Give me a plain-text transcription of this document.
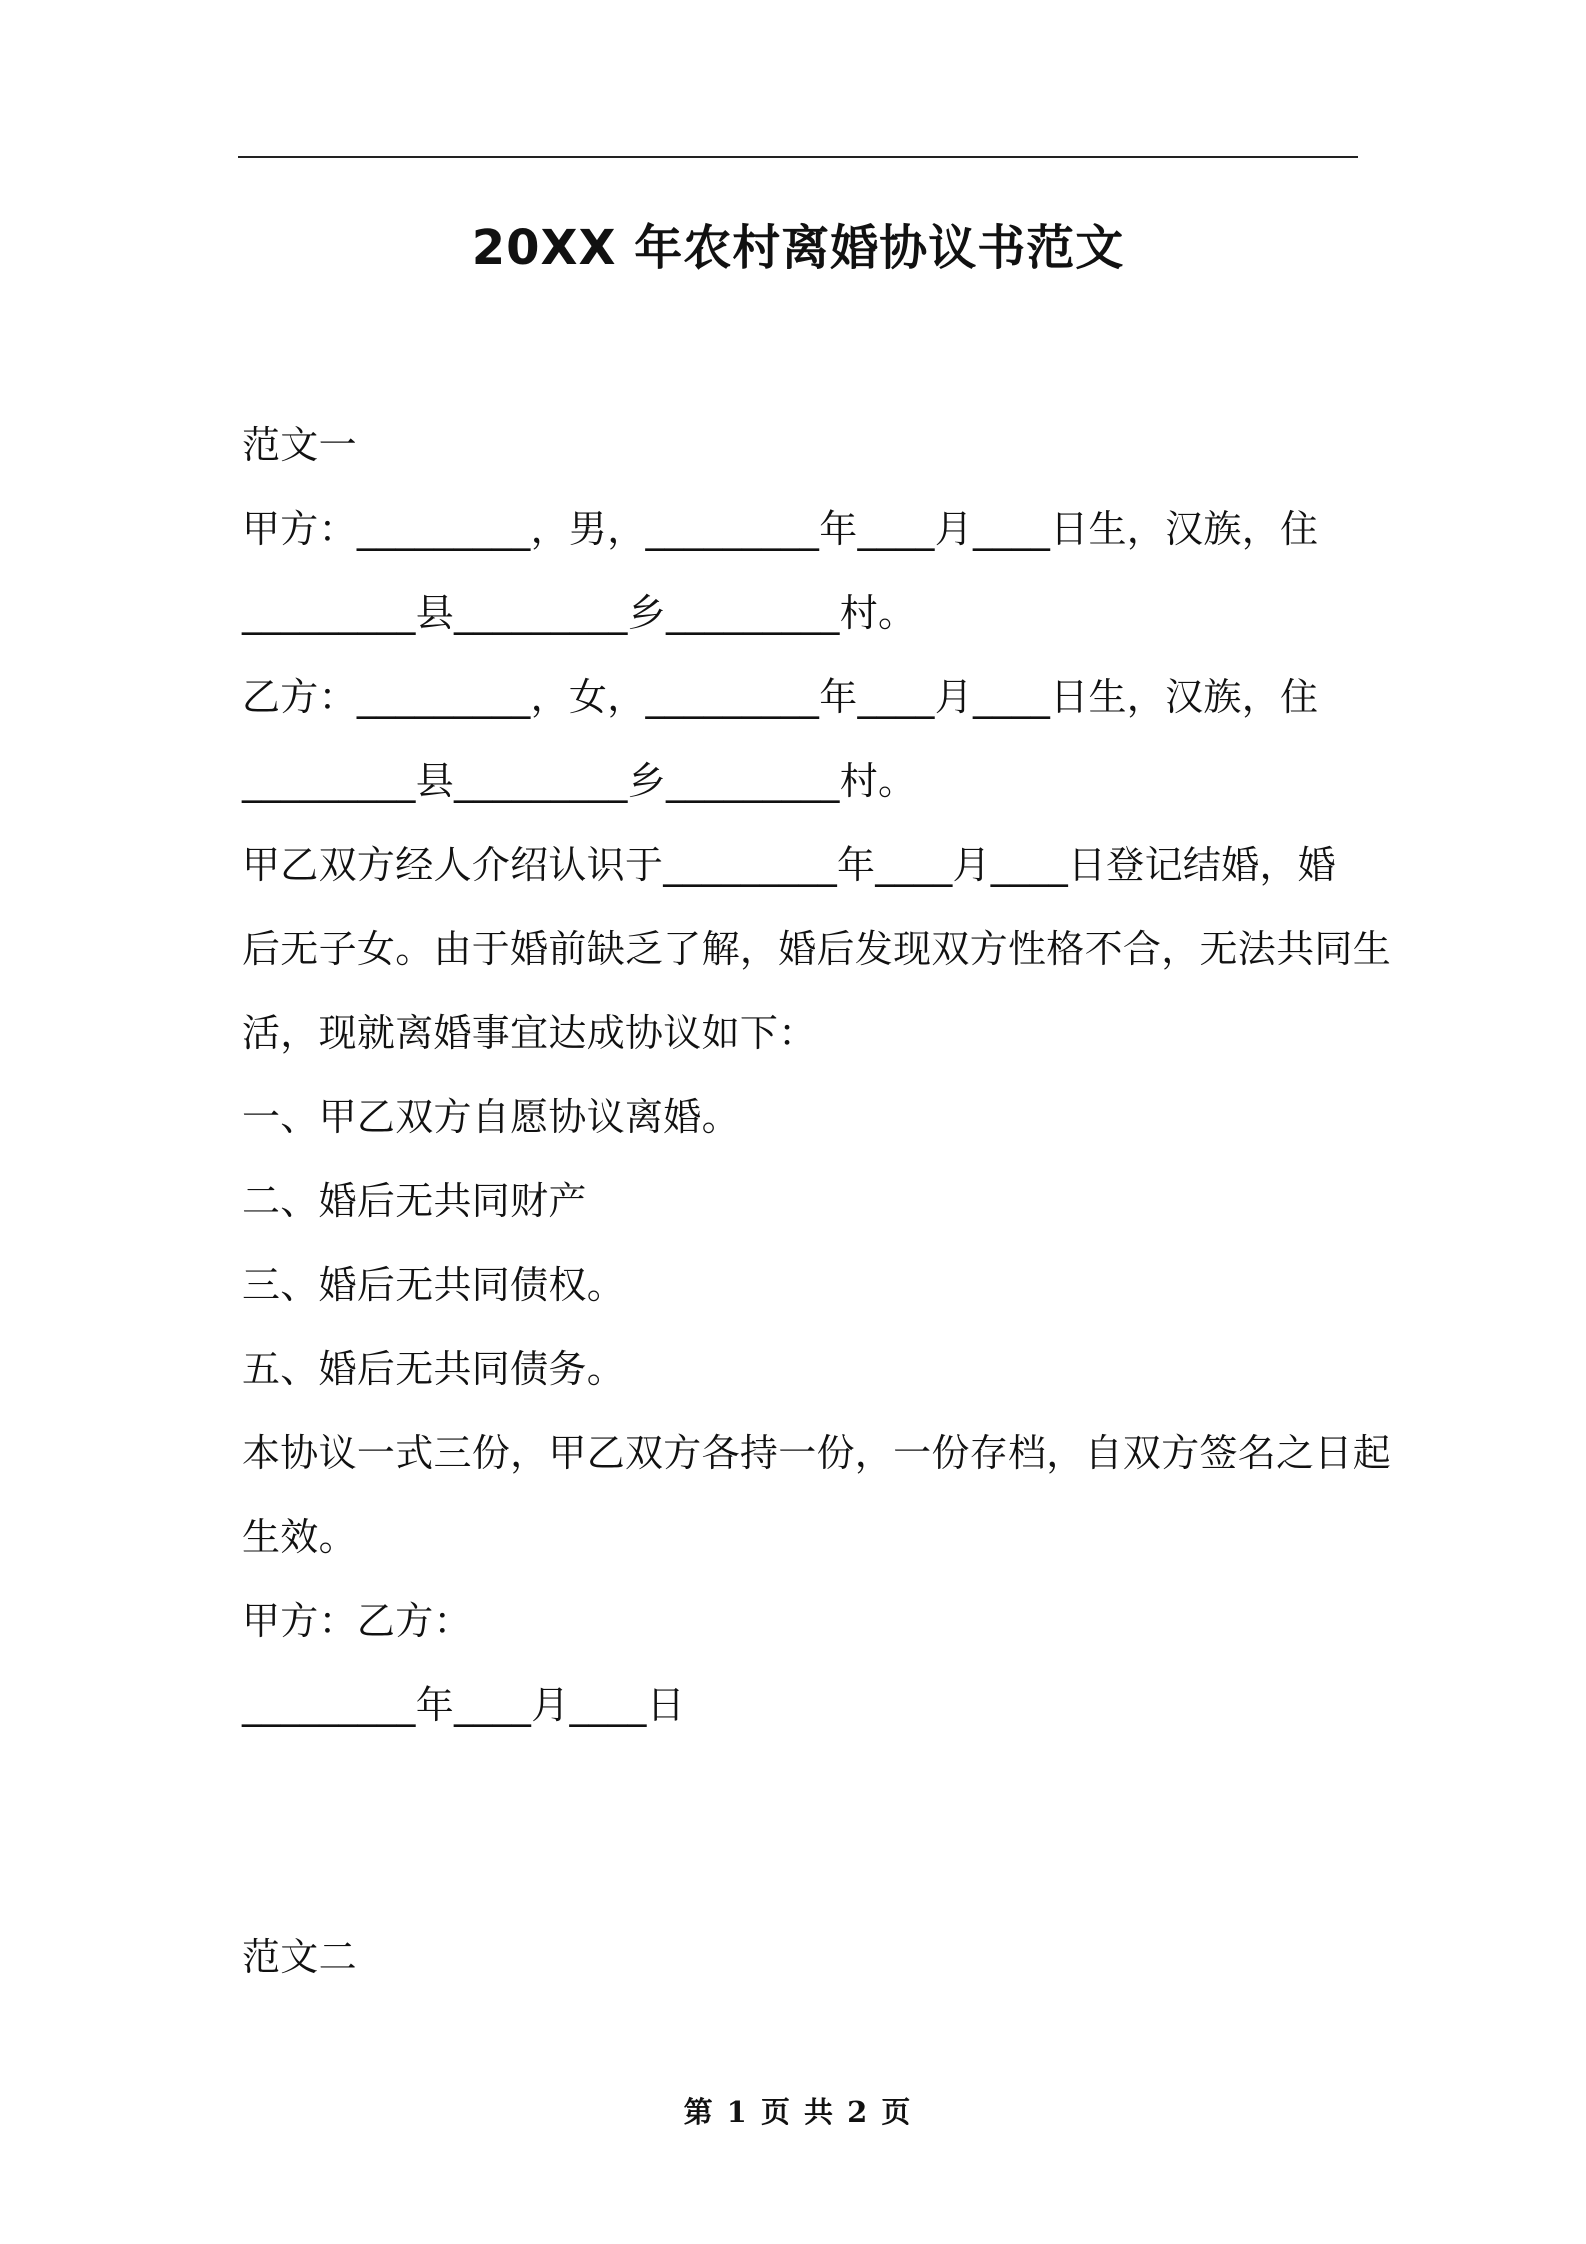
20XX 年农村离婚协议书范文
范文一
甲方：_________，男，_________年____月____日生，汉族，住
_________县_________乡_________村。
乙方：_________，女，_________年____月____日生，汉族，住
_________县_________乡_________村。
甲乙双方经人介绍认识于_________年____月____日登记结婚，婚
后无子女。由于婚前缺乏了解，婚后发现双方性格不合，无法共同生
活，现就离婚事宜达成协议如下：
一、甲乙双方自愿协议离婚。
二、婚后无共同财产
三、婚后无共同债权。
五、婚后无共同债务。
本协议一式三份，甲乙双方各持一份，一份存档，自双方签名之日起
生效。
甲方：乙方：
_________年____月____日
范文二
第 1 页 共 2 页
